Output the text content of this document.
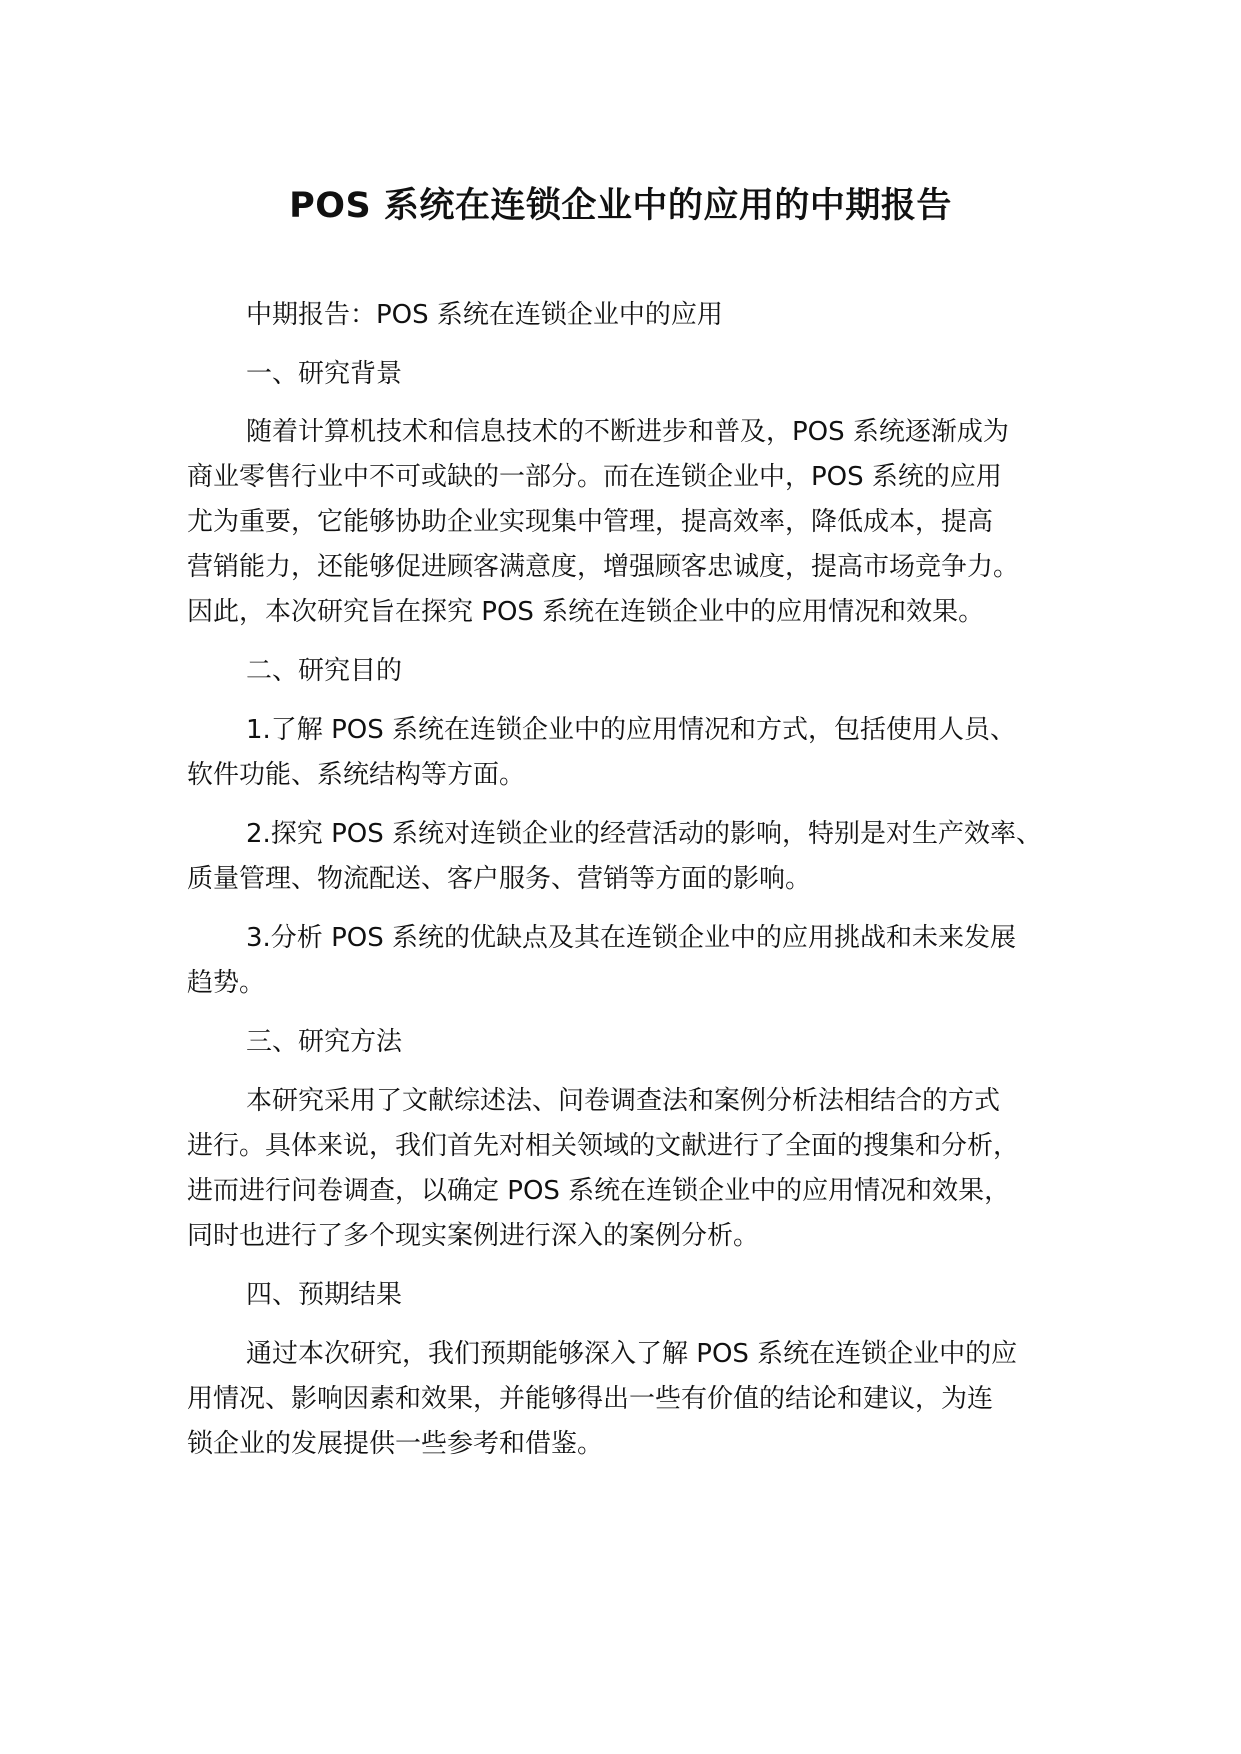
POS 系统在连锁企业中的应用的中期报告

中期报告：POS 系统在连锁企业中的应用

一、研究背景

随着计算机技术和信息技术的不断进步和普及，POS 系统逐渐成为

商业零售行业中不可或缺的一部分。而在连锁企业中，POS 系统的应用

尤为重要，它能够协助企业实现集中管理，提高效率，降低成本，提高

营销能力，还能够促进顾客满意度，增强顾客忠诚度，提高市场竞争力。

因此，本次研究旨在探究 POS 系统在连锁企业中的应用情况和效果。

二、研究目的

1.了解 POS 系统在连锁企业中的应用情况和方式，包括使用人员、

软件功能、系统结构等方面。

2.探究 POS 系统对连锁企业的经营活动的影响，特别是对生产效率、

质量管理、物流配送、客户服务、营销等方面的影响。

3.分析 POS 系统的优缺点及其在连锁企业中的应用挑战和未来发展

趋势。

三、研究方法

本研究采用了文献综述法、问卷调查法和案例分析法相结合的方式

进行。具体来说，我们首先对相关领域的文献进行了全面的搜集和分析，

进而进行问卷调查，以确定 POS 系统在连锁企业中的应用情况和效果，

同时也进行了多个现实案例进行深入的案例分析。

四、预期结果

通过本次研究，我们预期能够深入了解 POS 系统在连锁企业中的应

用情况、影响因素和效果，并能够得出一些有价值的结论和建议，为连

锁企业的发展提供一些参考和借鉴。
